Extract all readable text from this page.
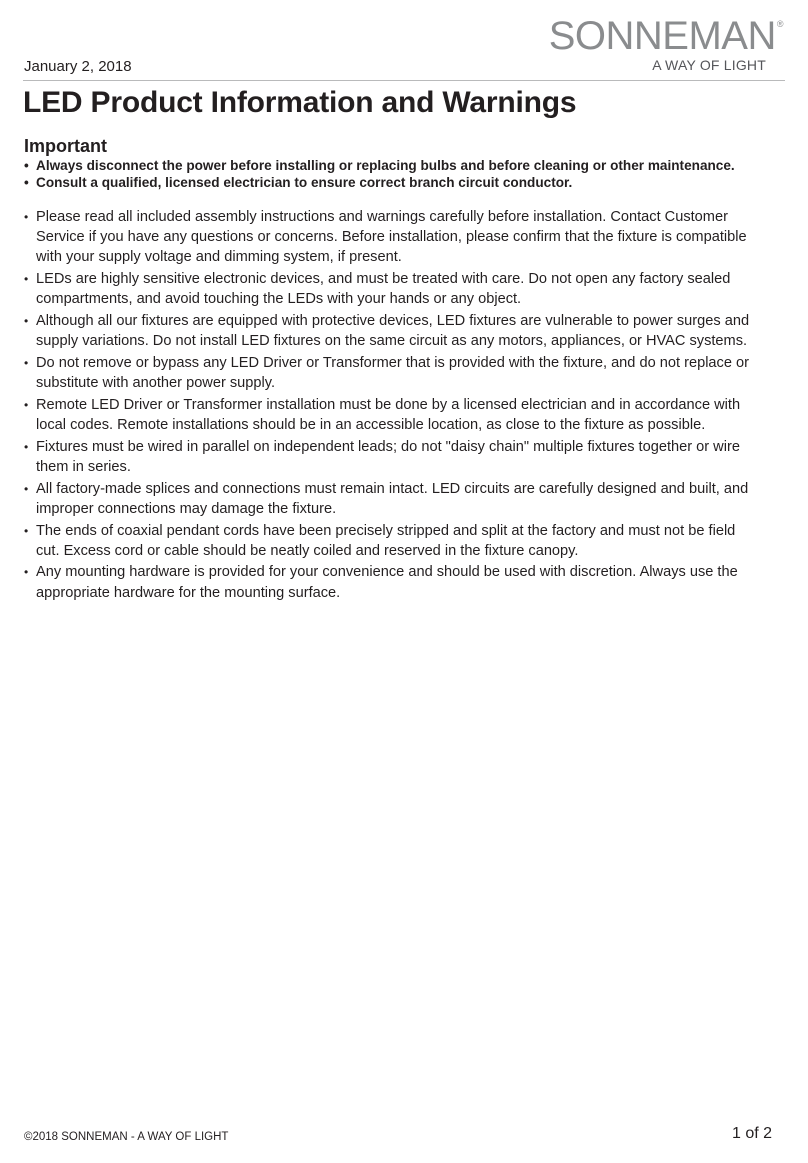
January 2, 2018
SONNEMAN®
A WAY OF LIGHT
LED Product Information and Warnings
Important
• Always disconnect the power before installing or replacing bulbs and before cleaning or other maintenance.
• Consult a qualified, licensed electrician to ensure correct branch circuit conductor.
• Please read all included assembly instructions and warnings carefully before installation. Contact Customer Service if you have any questions or concerns. Before installation, please confirm that the fixture is compatible with your supply voltage and dimming system, if present.
• LEDs are highly sensitive electronic devices, and must be treated with care. Do not open any factory sealed compartments, and avoid touching the LEDs with your hands or any object.
• Although all our fixtures are equipped with protective devices, LED fixtures are vulnerable to power surges and supply variations. Do not install LED fixtures on the same circuit as any motors, appliances, or HVAC systems.
• Do not remove or bypass any LED Driver or Transformer that is provided with the fixture, and do not replace or substitute with another power supply.
• Remote LED Driver or Transformer installation must be done by a licensed electrician and in accordance with local codes. Remote installations should be in an accessible location, as close to the fixture as possible.
• Fixtures must be wired in parallel on independent leads; do not "daisy chain" multiple fixtures together or wire them in series.
• All factory-made splices and connections must remain intact. LED circuits are carefully designed and built, and improper connections may damage the fixture.
• The ends of coaxial pendant cords have been precisely stripped and split at the factory and must not be field cut. Excess cord or cable should be neatly coiled and reserved in the fixture canopy.
• Any mounting hardware is provided for your convenience and should be used with discretion. Always use the appropriate hardware for the mounting surface.
©2018 SONNEMAN - A WAY OF LIGHT	1 of 2
